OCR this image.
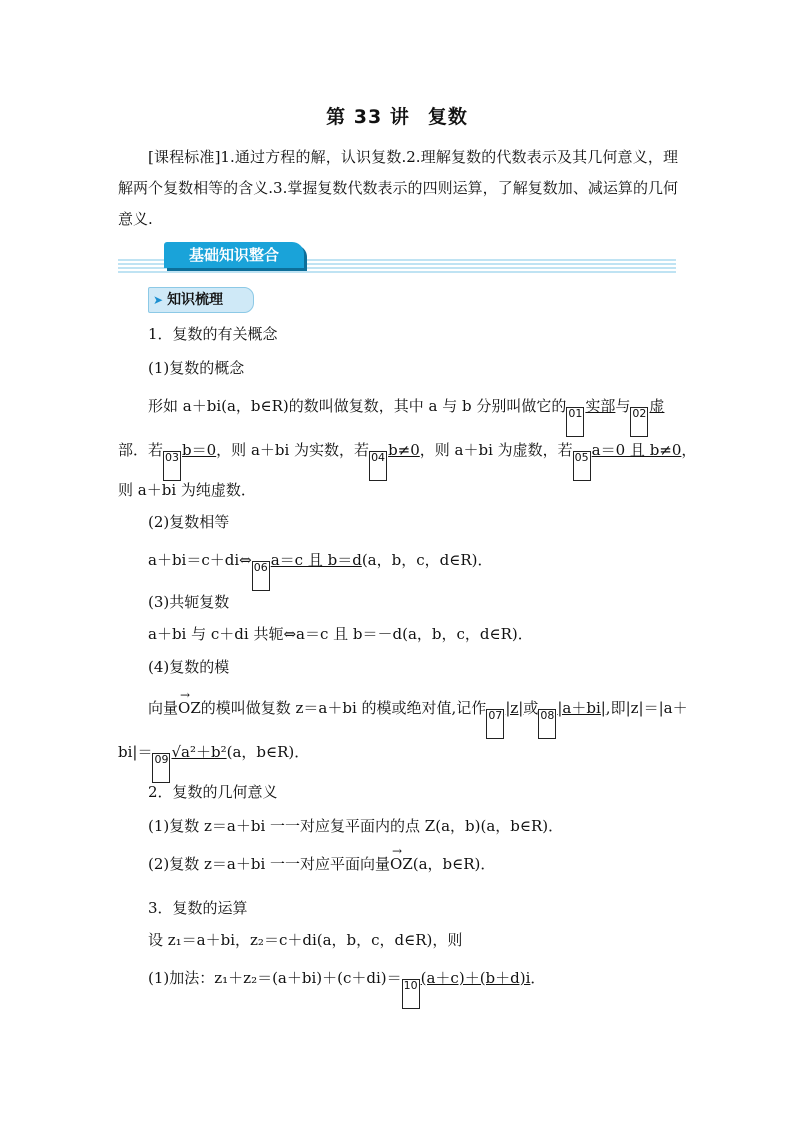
第 33 讲 复数
[课程标准]1.通过方程的解，认识复数.2.理解复数的代数表示及其几何意义，理解两个复数相等的含义.3.掌握复数代数表示的四则运算，了解复数加、减运算的几何意义.
基础知识整合
➤ 知识梳理
1．复数的有关概念
(1)复数的概念
形如 a＋bi(a，b∈R)的数叫做复数，其中 a 与 b 分别叫做它的 01 实部与 02 虚
部．若 03 b＝0，则 a＋bi 为实数，若 04 b≠0，则 a＋bi 为虚数，若 05 a＝0 且 b≠0，
则 a＋bi 为纯虚数．
(2)复数相等
a＋bi＝c＋di⇔ 06 a＝c 且 b＝d(a，b，c，d∈R)．
(3)共轭复数
a＋bi 与 c＋di 共轭⇔a＝c 且 b＝－d(a，b，c，d∈R)．
(4)复数的模
向量→ OZ的模叫做复数 z＝a＋bi 的模或绝对值,记作 07 |z|或 08 |a＋bi|,即|z|＝|a＋
bi|＝ 09 √a²＋b²(a，b∈R)．
2．复数的几何意义
(1)复数 z＝a＋bi 一一对应复平面内的点 Z(a，b)(a，b∈R)．
(2)复数 z＝a＋bi 一一对应平面向量→ OZ(a，b∈R)．
3．复数的运算
设 z₁＝a＋bi，z₂＝c＋di(a，b，c，d∈R)，则
(1)加法：z₁＋z₂＝(a＋bi)＋(c＋di)＝ 10 (a＋c)＋(b＋d)i．
